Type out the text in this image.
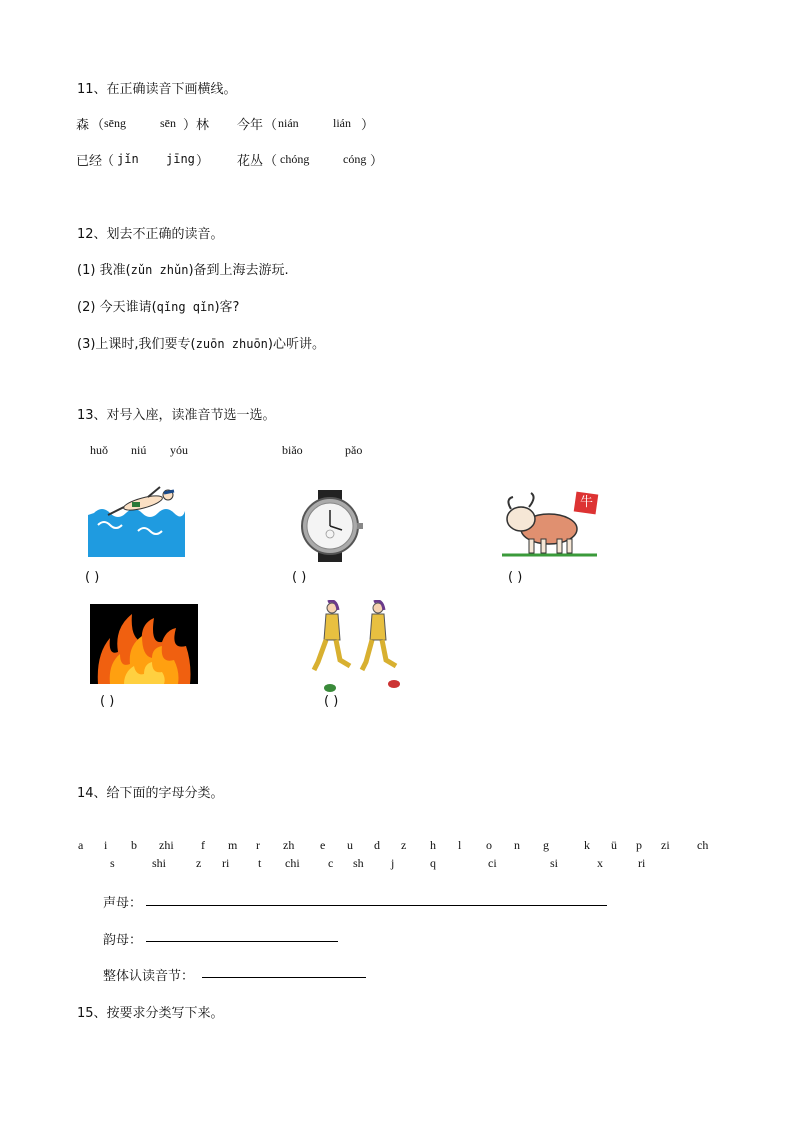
11、在正确读音下画横线。
森 （ sēng	sēn ）林 今年 （ nián	lián ）
已经
（ jǐn jīng ） 花丛 （ chóng	cóng ）
12、划去不正确的读音。
(1) 我准(zǔn zhǔn)备到上海去游玩.
(2) 今天谁请(qǐng qǐn)客?
(3)上课时,我们要专(zuōn zhuōn)心听讲。
13、对号入座，读准音节选一选。
huǒ niú yóu	biǎo	pǎo
牛
( )	( )	( )
( )	( )
14、给下面的字母分类。
a i b zhi f m r zh e u d z h l o n g	k ü p zi ch
s	shi z ri t chi c sh j	q	ci	si	x	ri
声母：
韵母：
整体认读音节：
15、按要求分类写下来。
